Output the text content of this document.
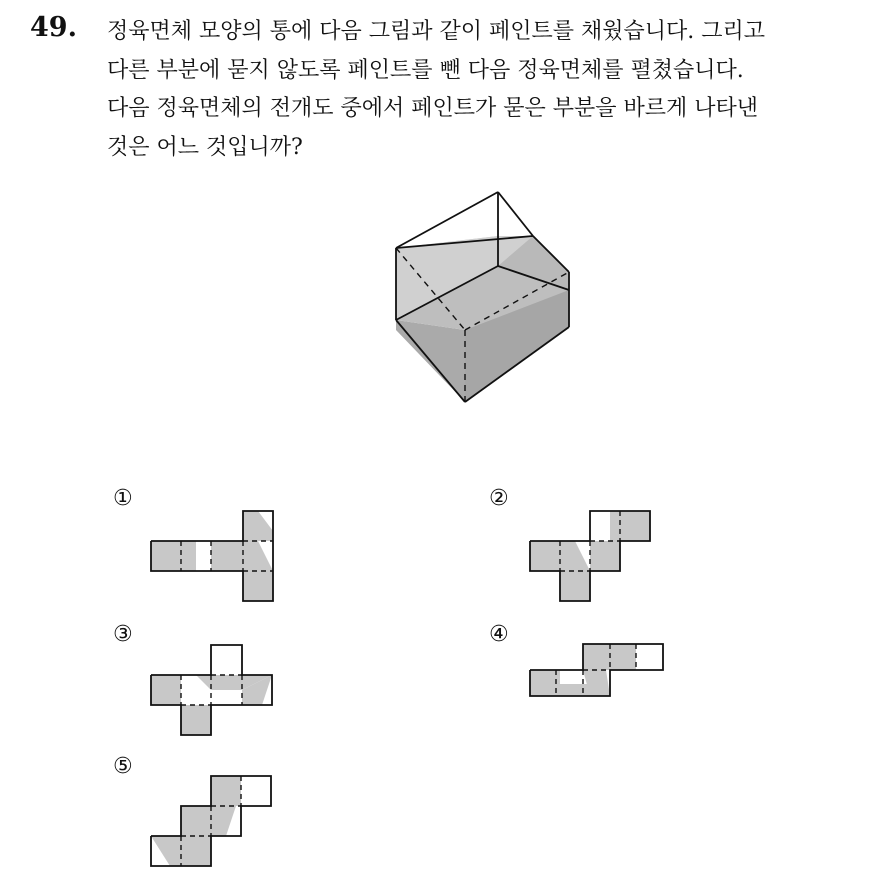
49. 정육면체 모양의 통에 다음 그림과 같이 페인트를 채웠습니다. 그리고
다른 부분에 묻지 않도록 페인트를 뺀 다음 정육면체를 펼쳤습니다.
다음 정육면체의 전개도 중에서 페인트가 묻은 부분을 바르게 나타낸
것은 어느 것입니까?
①	②
③	④
⑤
